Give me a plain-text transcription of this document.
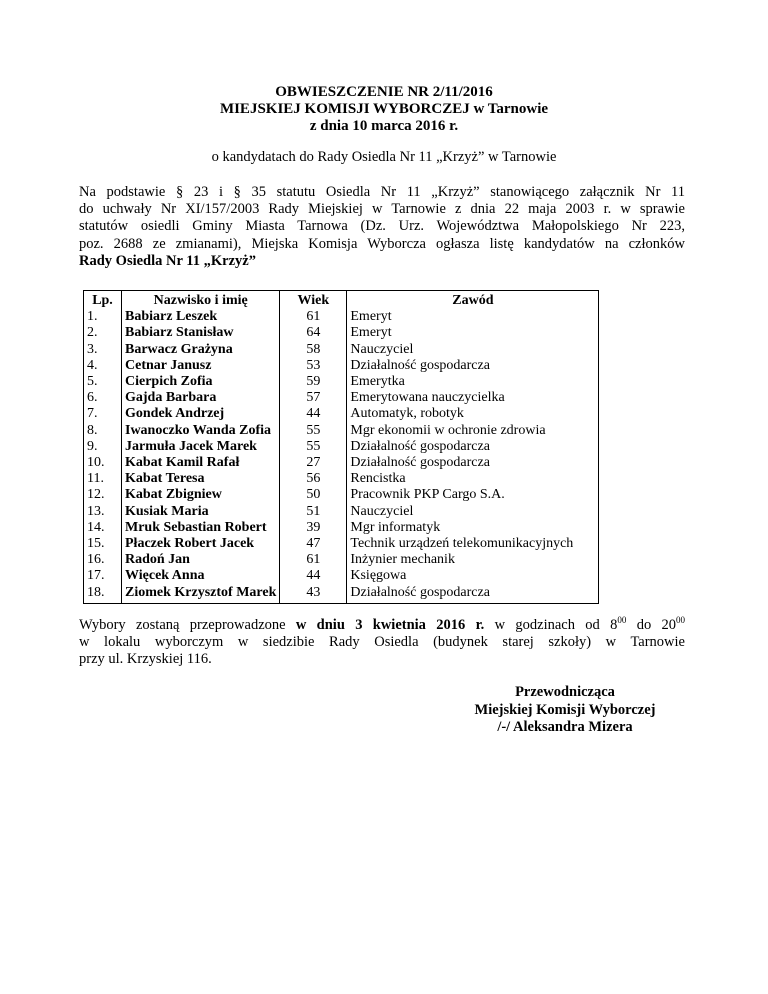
OBWIESZCZENIE NR 2/11/2016
MIEJSKIEJ KOMISJI WYBORCZEJ w Tarnowie
z dnia 10 marca 2016 r.
o kandydatach do Rady Osiedla Nr 11 „Krzyż” w Tarnowie
Na podstawie § 23 i § 35 statutu Osiedla Nr 11 „Krzyż” stanowiącego załącznik Nr 11
do uchwały Nr XI/157/2003 Rady Miejskiej w Tarnowie z dnia 22 maja 2003 r. w sprawie
statutów osiedli Gminy Miasta Tarnowa (Dz. Urz. Województwa Małopolskiego Nr 223,
poz. 2688 ze zmianami), Miejska Komisja Wyborcza ogłasza listę kandydatów na członków
Rady Osiedla Nr 11 „Krzyż”
Lp.	Nazwisko i imię	Wiek	Zawód
1.	Babiarz Leszek	61	Emeryt
2.	Babiarz Stanisław	64	Emeryt
3.	Barwacz Grażyna	58	Nauczyciel
4.	Cetnar Janusz	53	Działalność gospodarcza
5.	Cierpich Zofia	59	Emerytka
6.	Gajda Barbara	57	Emerytowana nauczycielka
7.	Gondek Andrzej	44	Automatyk, robotyk
8.	Iwanoczko Wanda Zofia	55	Mgr ekonomii w ochronie zdrowia
9.	Jarmuła Jacek Marek	55	Działalność gospodarcza
10.	Kabat Kamil Rafał	27	Działalność gospodarcza
11.	Kabat Teresa	56	Rencistka
12.	Kabat Zbigniew	50	Pracownik PKP Cargo S.A.
13.	Kusiak Maria	51	Nauczyciel
14.	Mruk Sebastian Robert	39	Mgr informatyk
15.	Płaczek Robert Jacek	47	Technik urządzeń telekomunikacyjnych
16.	Radoń Jan	61	Inżynier mechanik
17.	Więcek Anna	44	Księgowa
18.	Ziomek Krzysztof Marek	43	Działalność gospodarcza
Wybory zostaną przeprowadzone w dniu 3 kwietnia 2016 r. w godzinach od $8^{00}$ do $20^{00}$
w lokalu wyborczym w siedzibie Rady Osiedla (budynek starej szkoły) w Tarnowie
przy ul. Krzyskiej 116.
Przewodnicząca
Miejskiej Komisji Wyborczej
/-/ Aleksandra Mizera
